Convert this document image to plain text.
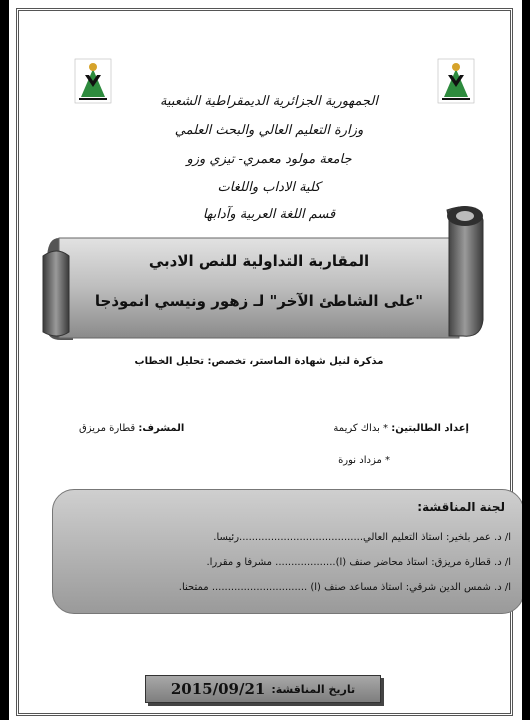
الجمهورية الجزائرية الديمقراطية الشعبية
وزارة التعليم العالي والبحث العلمي
جامعة مولود معمري- تيزي وزو
كلية الاداب واللغات
قسم اللغة العربية وآدابها
المقاربة التداولية للنص الادبي
"على الشاطئ الآخر" لـ زهور ونيسي انموذجا
مذكرة لنيل شهادة الماستر، تخصص: تحليل الخطاب
إعداد الطالبتين: * بداك كريمة
* مزداد نورة
المشرف: قطارة مريزق
لجنة المناقشة:
ا/ د. عمر بلخير: استاذ التعليم العالي.......................................رئيسا.
ا/ د. قطارة مريزق: استاذ محاضر صنف (ا)................... مشرفا و مقررا.
ا/ د. شمس الدين شرقي: استاذ مساعد صنف (ا) .............................. ممتحنا.
تاريخ المناقشة:
2015/09/21
